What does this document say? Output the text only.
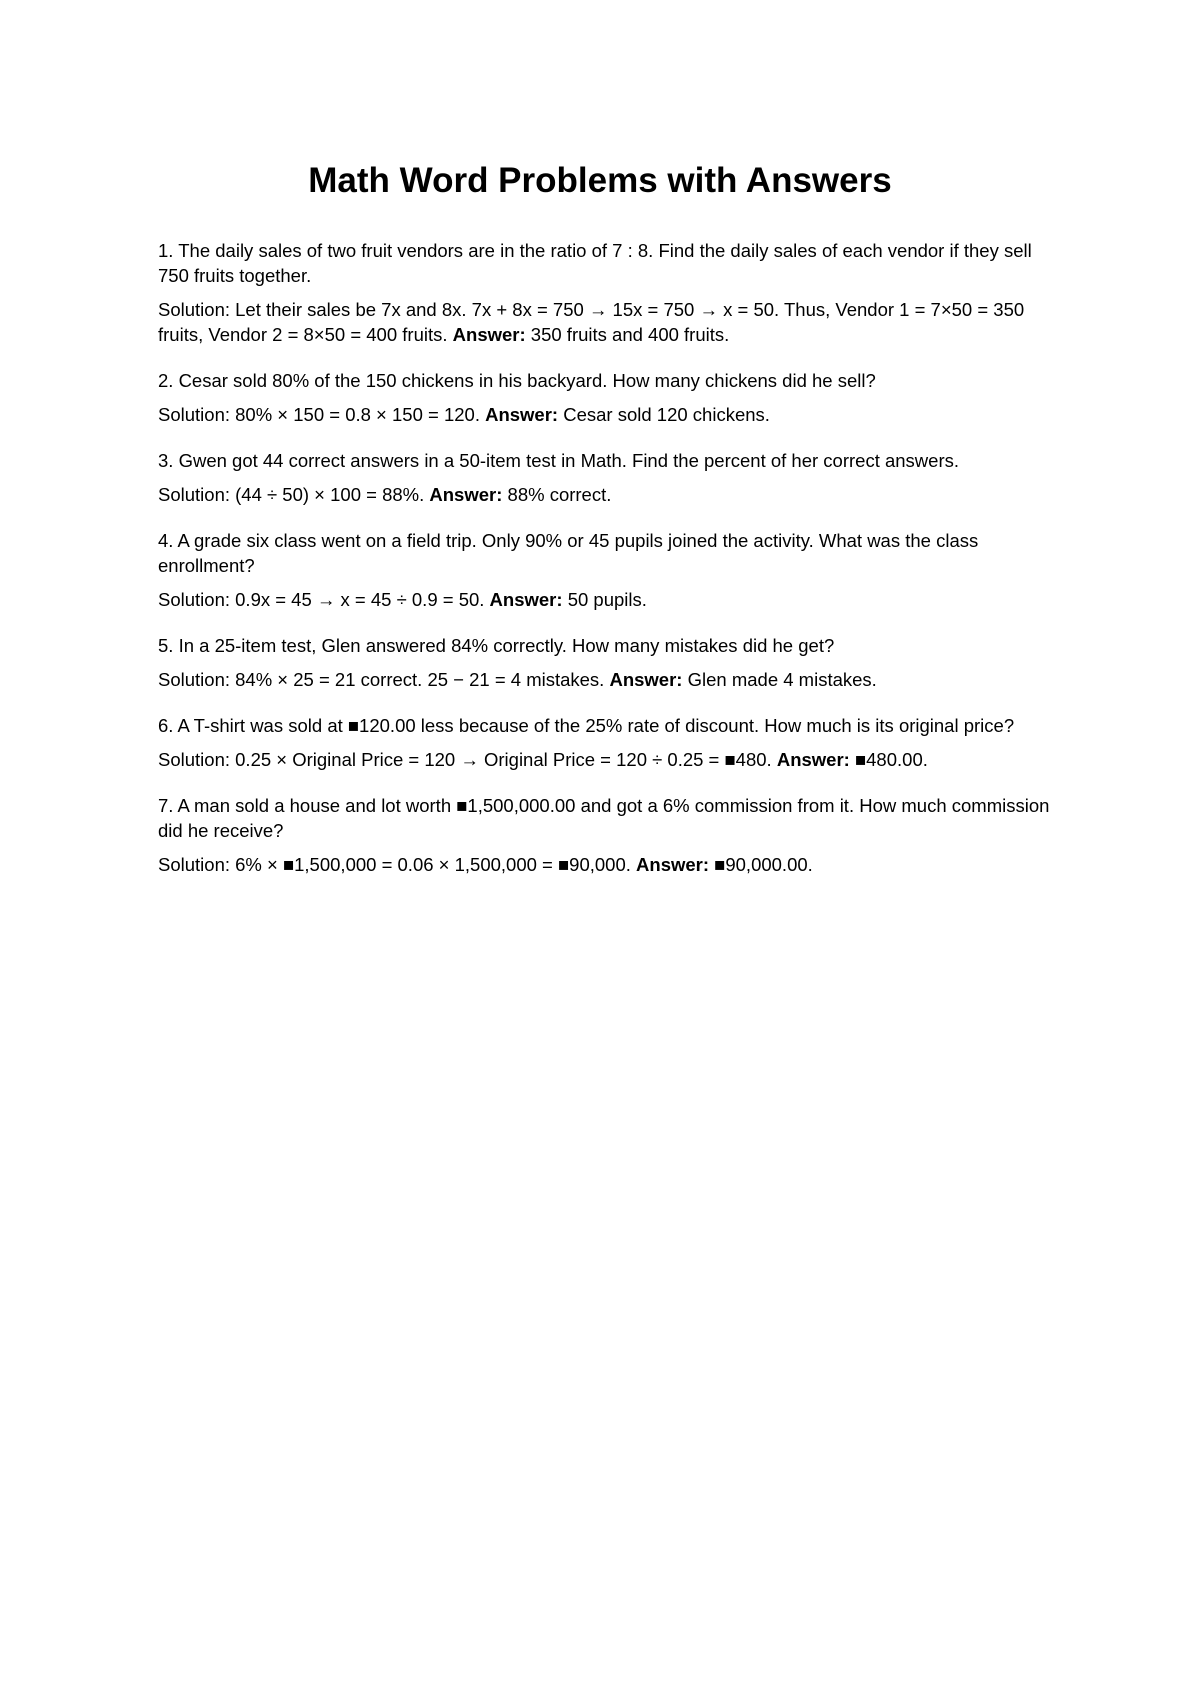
Math Word Problems with Answers

1. The daily sales of two fruit vendors are in the ratio of 7 : 8. Find the daily sales of each vendor if they sell 750 fruits together.

Solution: Let their sales be 7x and 8x. 7x + 8x = 750 → 15x = 750 → x = 50. Thus, Vendor 1 = 7×50 = 350 fruits, Vendor 2 = 8×50 = 400 fruits. Answer: 350 fruits and 400 fruits.

2. Cesar sold 80% of the 150 chickens in his backyard. How many chickens did he sell?

Solution: 80% × 150 = 0.8 × 150 = 120. Answer: Cesar sold 120 chickens.

3. Gwen got 44 correct answers in a 50-item test in Math. Find the percent of her correct answers.

Solution: (44 ÷ 50) × 100 = 88%. Answer: 88% correct.

4. A grade six class went on a field trip. Only 90% or 45 pupils joined the activity. What was the class enrollment?

Solution: 0.9x = 45 → x = 45 ÷ 0.9 = 50. Answer: 50 pupils.

5. In a 25-item test, Glen answered 84% correctly. How many mistakes did he get?

Solution: 84% × 25 = 21 correct. 25 − 21 = 4 mistakes. Answer: Glen made 4 mistakes.

6. A T-shirt was sold at ■120.00 less because of the 25% rate of discount. How much is its original price?

Solution: 0.25 × Original Price = 120 → Original Price = 120 ÷ 0.25 = ■480. Answer: ■480.00.

7. A man sold a house and lot worth ■1,500,000.00 and got a 6% commission from it. How much commission did he receive?

Solution: 6% × ■1,500,000 = 0.06 × 1,500,000 = ■90,000. Answer: ■90,000.00.
